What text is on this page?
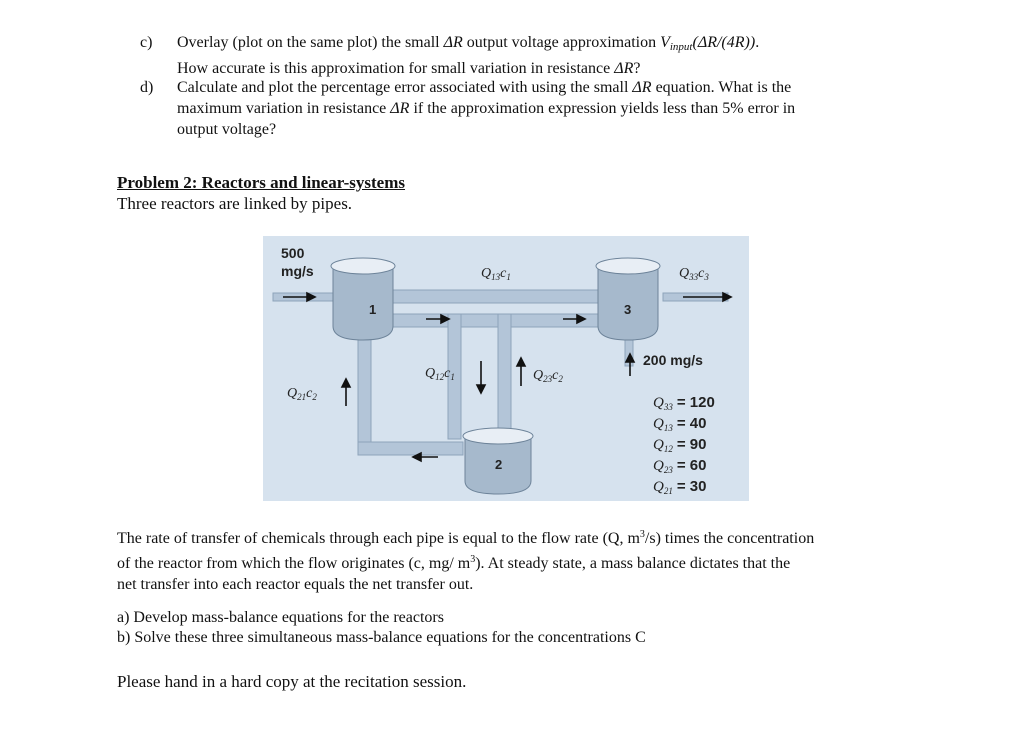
c) Overlay (plot on the same plot) the small ΔR output voltage approximation $V_{input}(\Delta R/(4R))$.
How accurate is this approximation for small variation in resistance ΔR?
d) Calculate and plot the percentage error associated with using the small ΔR equation. What is the
maximum variation in resistance ΔR if the approximation expression yields less than 5% error in
output voltage?
Problem 2: Reactors and linear-systems
Three reactors are linked by pipes.
1	3
2
500
mg/s
200 mg/s
$Q_{13}c_1$	$Q_{33}c_3$
$Q_{12}c_1$	$Q_{23}c_2$
$Q_{21}c_2$	$Q_{33} = 120$
$Q_{13} = 40$
$Q_{12} = 90$
$Q_{23} = 60$
$Q_{21} = 30$
The rate of transfer of chemicals through each pipe is equal to the flow rate (Q, $m^3/s$) times the concentration
of the reactor from which the flow originates (c, mg/ $m^3$). At steady state, a mass balance dictates that the
net transfer into each reactor equals the net transfer out.
a) Develop mass-balance equations for the reactors
b) Solve these three simultaneous mass-balance equations for the concentrations C
Please hand in a hard copy at the recitation session.
